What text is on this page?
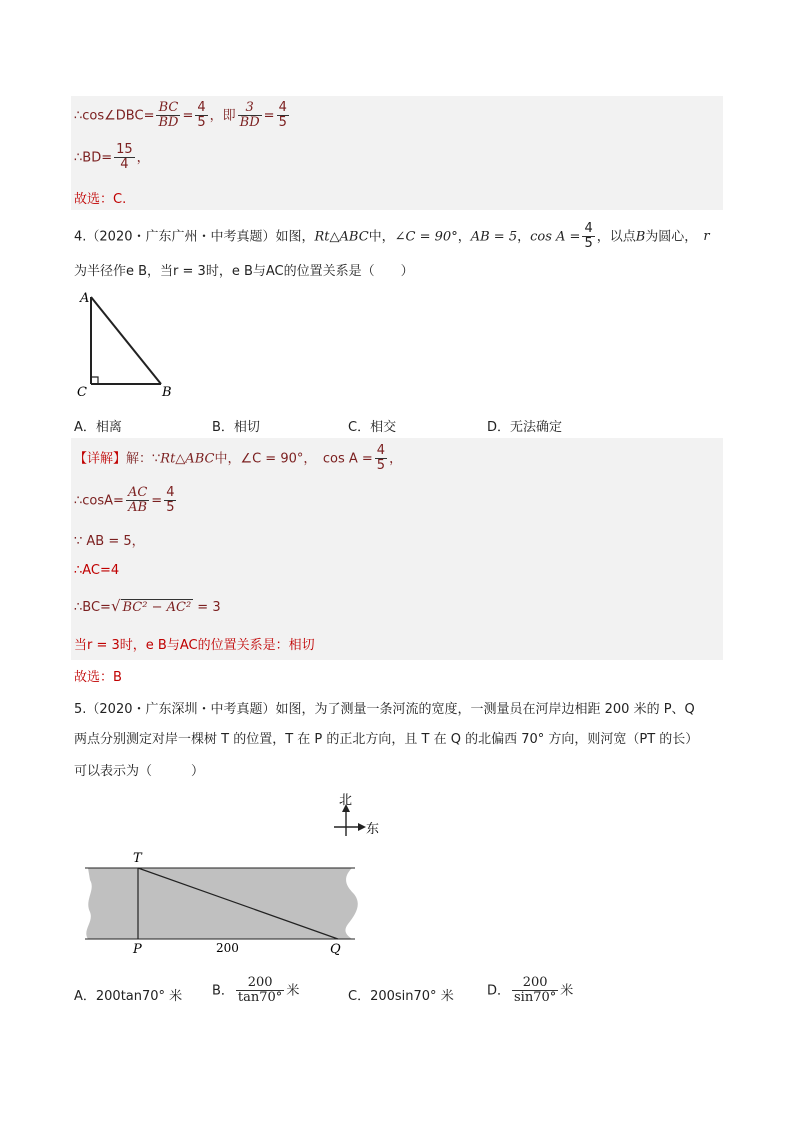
∴cos∠DBC= $\frac{BC}{BD} = \frac{4}{5}$ ，即 $\frac{3}{BD} = \frac{4}{5}$
∴BD= $\frac{15}{4}$ ，
故选：C.
4.（2020・广东广州・中考真题）如图，Rt△ABC中，∠C = 90°，AB = 5，$\cos A = \frac{4}{5}$ ，以点B为圆心， r
为半径作e B，当r = 3时，e B与AC的位置关系是（　　）
A
C	B
A．相离	B．相切	C．相交	D．无法确定
【详解】解：∵Rt△ABC中，∠C = 90°，　$\cos A = \frac{4}{5}$ ，
∴cosA= $\frac{AC}{AB} = \frac{4}{5}$
∵ AB = 5，
∴AC=4
∴BC=√ BC² − AC² = 3
当r = 3时，e B与AC的位置关系是：相切
故选：B
5.（2020・广东深圳・中考真题）如图，为了测量一条河流的宽度，一测量员在河岸边相距 200 米的 P、Q
两点分别测定对岸一棵树 T 的位置，T 在 P 的正北方向，且 T 在 Q 的北偏西 70° 方向，则河宽（PT 的长）
可以表示为（　　　）
北
东
T
P	Q
200
A．200tan70° 米 B． $\frac{200}{\tan 70^\circ}$ 米	C．200sin70° 米	D． $\frac{200}{\sin 70^\circ}$ 米
